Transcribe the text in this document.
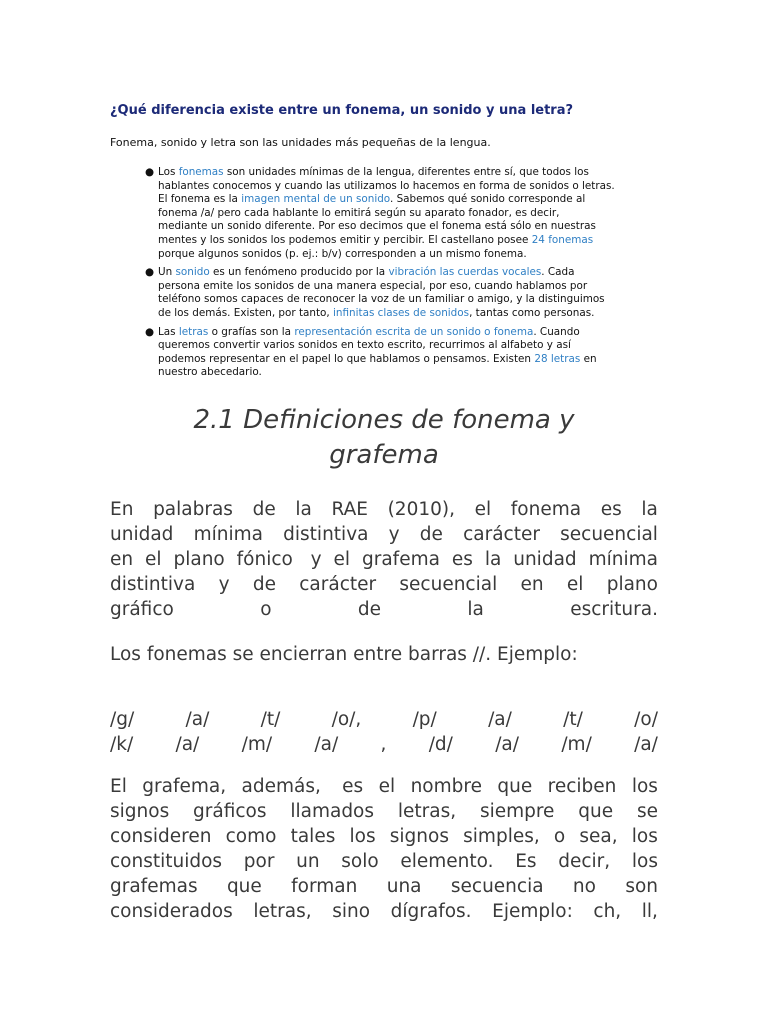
¿Qué diferencia existe entre un fonema, un sonido y una letra?
Fonema, sonido y letra son las unidades más pequeñas de la lengua.
● Los fonemas son unidades mínimas de la lengua, diferentes entre sí, que todos los
hablantes conocemos y cuando las utilizamos lo hacemos en forma de sonidos o letras.
El fonema es la imagen mental de un sonido. Sabemos qué sonido corresponde al
fonema /a/ pero cada hablante lo emitirá según su aparato fonador, es decir,
mediante un sonido diferente. Por eso decimos que el fonema está sólo en nuestras
mentes y los sonidos los podemos emitir y percibir. El castellano posee 24 fonemas
porque algunos sonidos (p. ej.: b/v) corresponden a un mismo fonema.
● Un sonido es un fenómeno producido por la vibración las cuerdas vocales. Cada
persona emite los sonidos de una manera especial, por eso, cuando hablamos por
teléfono somos capaces de reconocer la voz de un familiar o amigo, y la distinguimos
de los demás. Existen, por tanto, infinitas clases de sonidos, tantas como personas.
● Las letras o grafías son la representación escrita de un sonido o fonema. Cuando
queremos convertir varios sonidos en texto escrito, recurrimos al alfabeto y así
podemos representar en el papel lo que hablamos o pensamos. Existen 28 letras en
nuestro abecedario.
2.1 Definiciones de fonema y
grafema
En palabras de la RAE (2010), el fonema es la
unidad mínima distintiva y de carácter secuencial
en el plano fónico y el grafema es la unidad mínima
distintiva y de carácter secuencial en el plano
gráfico	o	de	la	escritura.
Los fonemas se encierran entre barras //. Ejemplo:
/g/	/a/	/t/	/o/,	/p/	/a/	/t/	/o/
/k/ /a/ /m/ /a/ , /d/ /a/ /m/ /a/
El grafema, además, es el nombre que reciben los
signos gráficos llamados letras, siempre que se
consideren como tales los signos simples, o sea, los
constituidos por un solo elemento. Es decir, los
grafemas que forman una secuencia no son
considerados letras, sino dígrafos. Ejemplo: ch, ll,
